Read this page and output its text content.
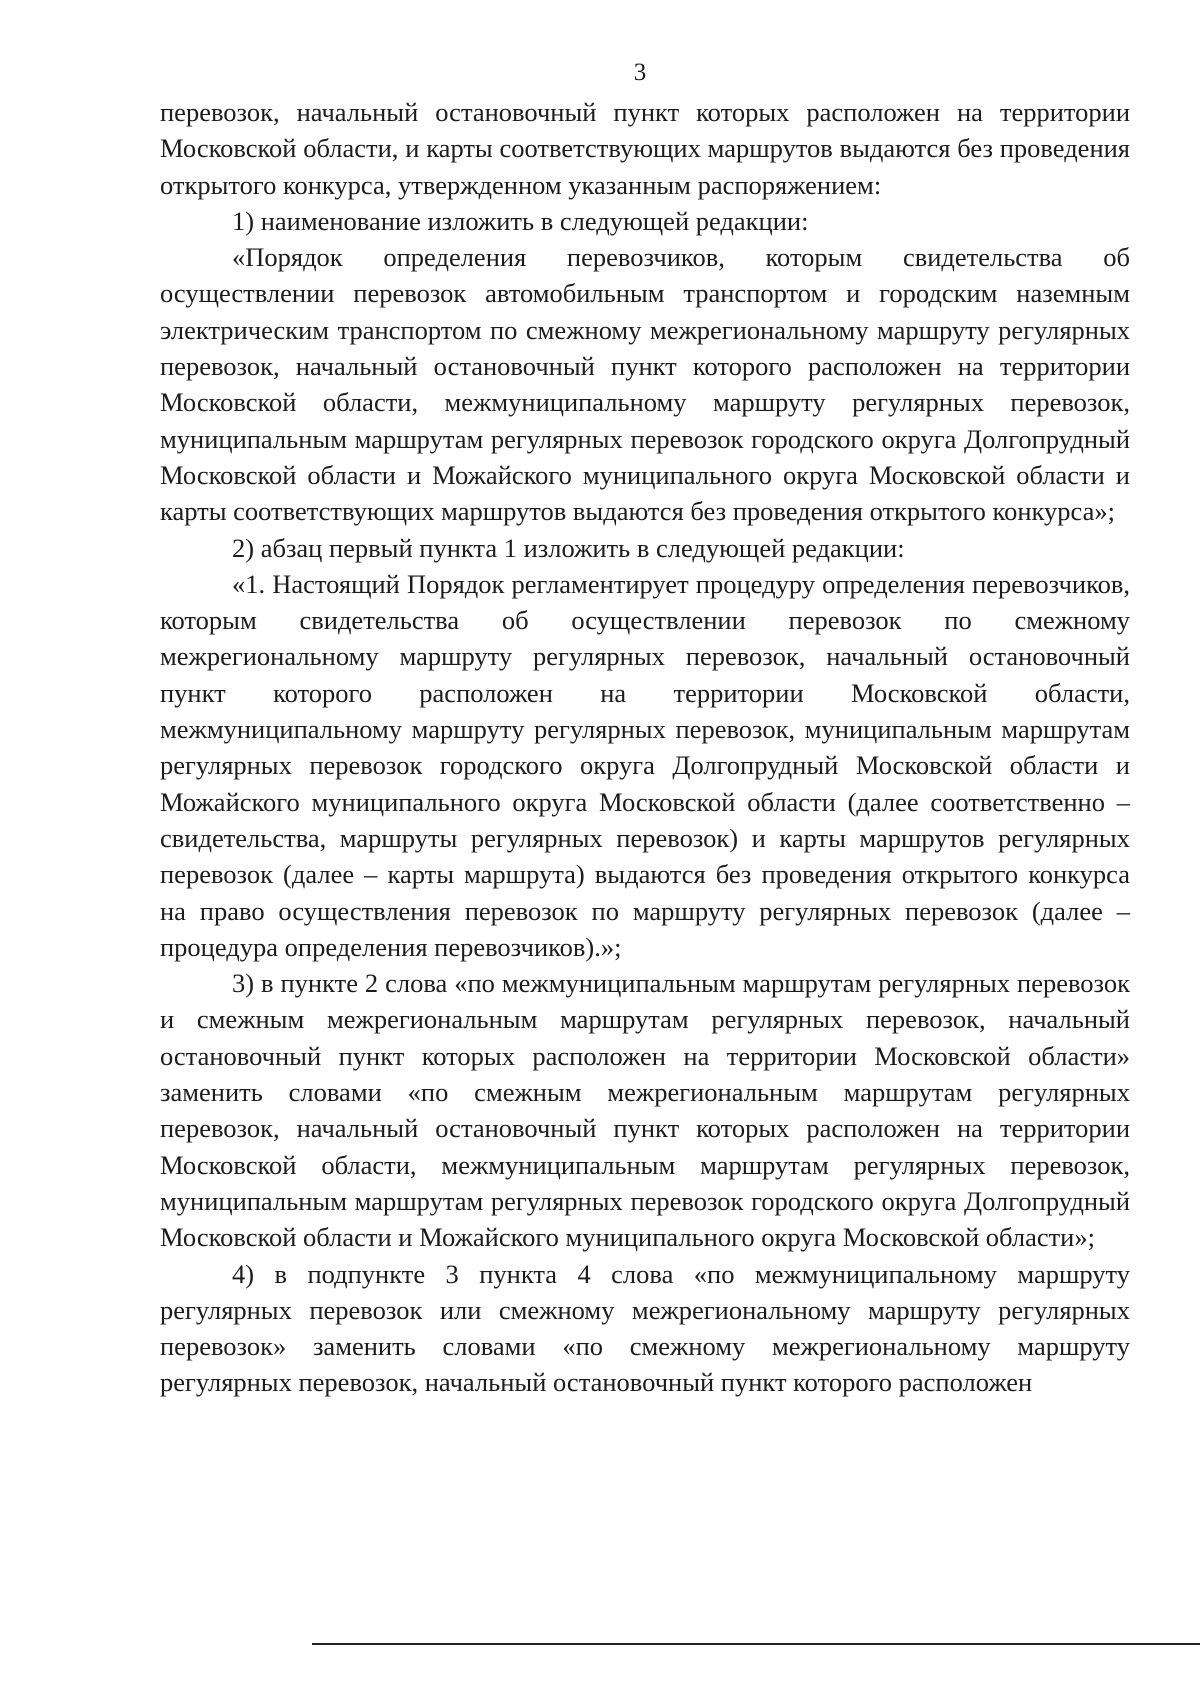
3

перевозок, начальный остановочный пункт которых расположен на территории Московской области, и карты соответствующих маршрутов выдаются без проведения открытого конкурса, утвержденном указанным распоряжением:

1) наименование изложить в следующей редакции:

«Порядок определения перевозчиков, которым свидетельства об осуществлении перевозок автомобильным транспортом и городским наземным электрическим транспортом по смежному межрегиональному маршруту регулярных перевозок, начальный остановочный пункт которого расположен на территории Московской области, межмуниципальному маршруту регулярных перевозок, муниципальным маршрутам регулярных перевозок городского округа Долгопрудный Московской области и Можайского муниципального округа Московской области и карты соответствующих маршрутов выдаются без проведения открытого конкурса»;

2) абзац первый пункта 1 изложить в следующей редакции:

«1. Настоящий Порядок регламентирует процедуру определения перевозчиков, которым свидетельства об осуществлении перевозок по смежному межрегиональному маршруту регулярных перевозок, начальный остановочный пункт которого расположен на территории Московской области, межмуниципальному маршруту регулярных перевозок, муниципальным маршрутам регулярных перевозок городского округа Долгопрудный Московской области и Можайского муниципального округа Московской области (далее соответственно – свидетельства, маршруты регулярных перевозок) и карты маршрутов регулярных перевозок (далее – карты маршрута) выдаются без проведения открытого конкурса на право осуществления перевозок по маршруту регулярных перевозок (далее – процедура определения перевозчиков).»;

3) в пункте 2 слова «по межмуниципальным маршрутам регулярных перевозок и смежным межрегиональным маршрутам регулярных перевозок, начальный остановочный пункт которых расположен на территории Московской области» заменить словами «по смежным межрегиональным маршрутам регулярных перевозок, начальный остановочный пункт которых расположен на территории Московской области, межмуниципальным маршрутам регулярных перевозок, муниципальным маршрутам регулярных перевозок городского округа Долгопрудный Московской области и Можайского муниципального округа Московской области»;

4) в подпункте 3 пункта 4 слова «по межмуниципальному маршруту регулярных перевозок или смежному межрегиональному маршруту регулярных перевозок» заменить словами «по смежному межрегиональному маршруту регулярных перевозок, начальный остановочный пункт которого расположен
